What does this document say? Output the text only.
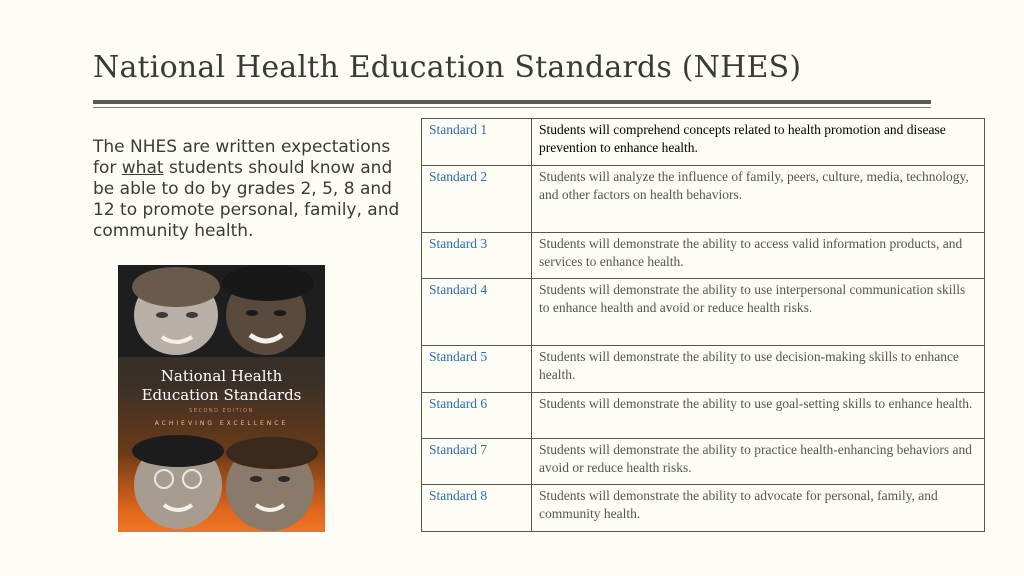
National Health Education Standards (NHES)

The NHES are written expectations for what students should know and be able to do by grades 2, 5, 8 and 12 to promote personal, family, and community health.

National Health
Education Standards
SECOND EDITION
ACHIEVING EXCELLENCE
Standard 1	Students will comprehend concepts related to health promotion and disease prevention to enhance health.
Standard 2	Students will analyze the influence of family, peers, culture, media, technology, and other factors on health behaviors.
Standard 3	Students will demonstrate the ability to access valid information products, and services to enhance health.
Standard 4	Students will demonstrate the ability to use interpersonal communication skills to enhance health and avoid or reduce health risks.
Standard 5	Students will demonstrate the ability to use decision-making skills to enhance health.
Standard 6	Students will demonstrate the ability to use goal-setting skills to enhance health.
Standard 7	Students will demonstrate the ability to practice health-enhancing behaviors and avoid or reduce health risks.
Standard 8	Students will demonstrate the ability to advocate for personal, family, and community health.
